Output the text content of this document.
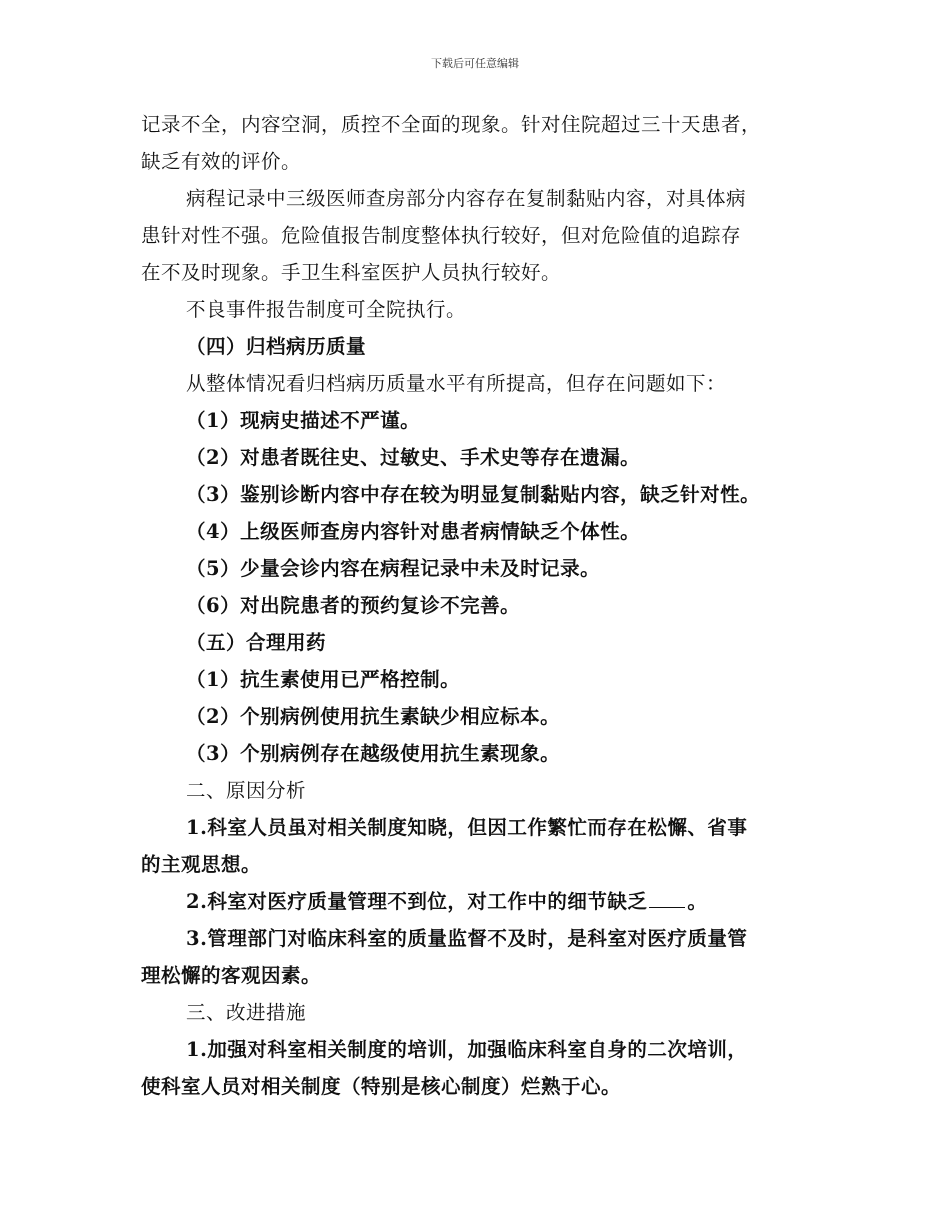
下载后可任意编辑
记录不全，内容空洞，质控不全面的现象。针对住院超过三十天患者，
缺乏有效的评价。
病程记录中三级医师查房部分内容存在复制黏贴内容，对具体病
患针对性不强。危险值报告制度整体执行较好，但对危险值的追踪存
在不及时现象。手卫生科室医护人员执行较好。
不良事件报告制度可全院执行。
（四）归档病历质量
从整体情况看归档病历质量水平有所提高，但存在问题如下：
（1）现病史描述不严谨。
（2）对患者既往史、过敏史、手术史等存在遗漏。
（3）鉴别诊断内容中存在较为明显复制黏贴内容，缺乏针对性。
（4）上级医师查房内容针对患者病情缺乏个体性。
（5）少量会诊内容在病程记录中未及时记录。
（6）对出院患者的预约复诊不完善。
（五）合理用药
（1）抗生素使用已严格控制。
（2）个别病例使用抗生素缺少相应标本。
（3）个别病例存在越级使用抗生素现象。
二、原因分析
1.科室人员虽对相关制度知晓，但因工作繁忙而存在松懈、省事
的主观思想。
2.科室对医疗质量管理不到位，对工作中的细节缺乏 。
3.管理部门对临床科室的质量监督不及时，是科室对医疗质量管
理松懈的客观因素。
三、改进措施
1.加强对科室相关制度的培训，加强临床科室自身的二次培训，
使科室人员对相关制度（特别是核心制度）烂熟于心。
